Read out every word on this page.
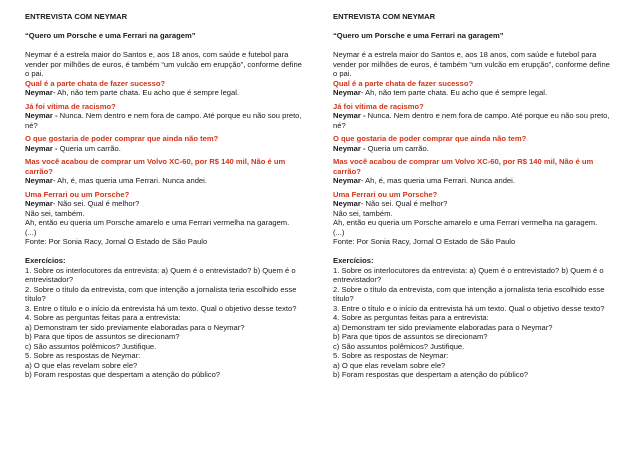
ENTREVISTA COM NEYMAR

“Quero um Porsche e uma Ferrari na garagem”

Neymar é a estrela maior do Santos e, aos 18 anos, com saúde e futebol para vender por milhões de euros, é também “um vulcão em erupção”, conforme define o pai.

Qual é a parte chata de fazer sucesso?

Neymar- Ah, não tem parte chata. Eu acho que é sempre legal.

Já foi vítima de racismo?

Neymar - Nunca. Nem dentro e nem fora de campo. Até porque eu não sou preto, né?

O que gostaria de poder comprar que ainda não tem?

Neymar - Queria um carrão.

Mas você acabou de comprar um Volvo XC-60, por R$ 140 mil, Não é um carrão?

Neymar- Ah, é, mas queria uma Ferrari. Nunca andei.

Uma Ferrari ou um Porsche?

Neymar- Não sei. Qual é melhor?

Não sei, também.

Ah, então eu queria um Porsche amarelo e uma Ferrari vermelha na garagem.

(...)

Fonte: Por Sonia Racy, Jornal O Estado de São Paulo

Exercícios:

1. Sobre os interlocutores da entrevista: a) Quem é o entrevistado? b) Quem é o entrevistador?

2. Sobre o título da entrevista, com que intenção a jornalista teria escolhido esse título?

3. Entre o título e o início da entrevista há um texto. Qual o objetivo desse texto?

4. Sobre as perguntas feitas para a entrevista:

a) Demonstram ter sido previamente elaboradas para o Neymar?

b) Para que tipos de assuntos se direcionam?

c) São assuntos polêmicos? Justifique.

5. Sobre as respostas de Neymar:

a) O que elas revelam sobre ele?

b) Foram respostas que despertam a atenção do público?

ENTREVISTA COM NEYMAR

“Quero um Porsche e uma Ferrari na garagem”

Neymar é a estrela maior do Santos e, aos 18 anos, com saúde e futebol para vender por milhões de euros, é também “um vulcão em erupção”, conforme define o pai.

Qual é a parte chata de fazer sucesso?

Neymar- Ah, não tem parte chata. Eu acho que é sempre legal.

Já foi vítima de racismo?

Neymar - Nunca. Nem dentro e nem fora de campo. Até porque eu não sou preto, né?

O que gostaria de poder comprar que ainda não tem?

Neymar - Queria um carrão.

Mas você acabou de comprar um Volvo XC-60, por R$ 140 mil, Não é um carrão?

Neymar- Ah, é, mas queria uma Ferrari. Nunca andei.

Uma Ferrari ou um Porsche?

Neymar- Não sei. Qual é melhor?

Não sei, também.

Ah, então eu queria um Porsche amarelo e uma Ferrari vermelha na garagem.

(...)

Fonte: Por Sonia Racy, Jornal O Estado de São Paulo

Exercícios:

1. Sobre os interlocutores da entrevista: a) Quem é o entrevistado? b) Quem é o entrevistador?

2. Sobre o título da entrevista, com que intenção a jornalista teria escolhido esse título?

3. Entre o título e o início da entrevista há um texto. Qual o objetivo desse texto?

4. Sobre as perguntas feitas para a entrevista:

a) Demonstram ter sido previamente elaboradas para o Neymar?

b) Para que tipos de assuntos se direcionam?

c) São assuntos polêmicos? Justifique.

5. Sobre as respostas de Neymar:

a) O que elas revelam sobre ele?

b) Foram respostas que despertam a atenção do público?
